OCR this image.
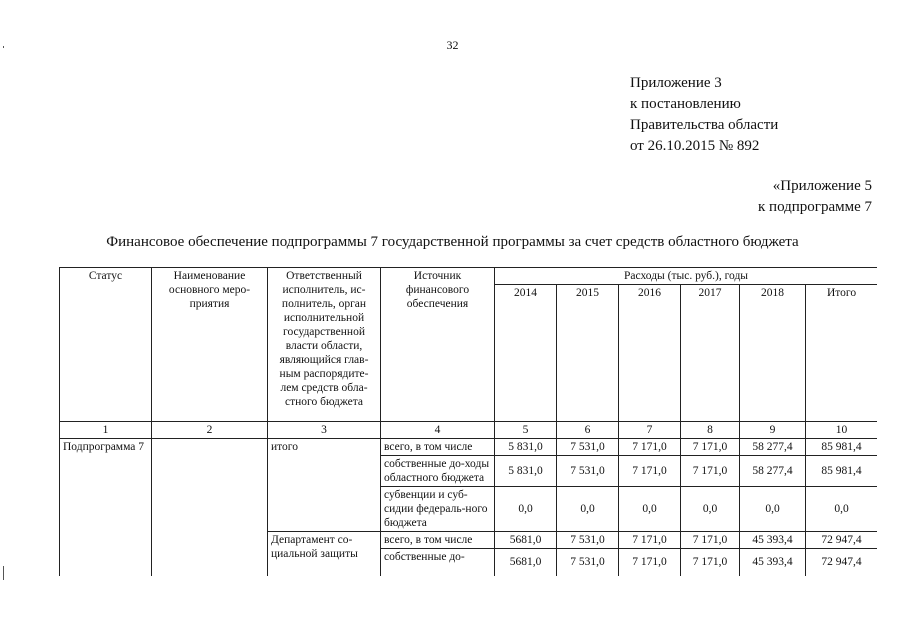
32
Приложение 3
к постановлению
Правительства области
от 26.10.2015 № 892
«Приложение 5
к подпрограмме 7
Финансовое обеспечение подпрограммы 7 государственной программы за счет средств областного бюджета
Статус	Наименование основного меро-приятия	Ответственный исполнитель, ис-полнитель, орган исполнительной государственной власти области, являющийся глав-ным распорядите-лем средств обла-стного бюджета	Источник финансового обеспечения	Расходы (тыс. руб.), годы					
				2014	2015	2016	2017	2018	Итого
1	2	3	4	5	6	7	8	9	10
Подпрограмма 7		итого	всего, в том числе	5 831,0	7 531,0	7 171,0	7 171,0	58 277,4	85 981,4
			собственные до-ходы областного бюджета	5 831,0	7 531,0	7 171,0	7 171,0	58 277,4	85 981,4
			субвенции и суб-сидии федераль-ного бюджета	0,0	0,0	0,0	0,0	0,0	0,0
		Департамент со-циальной защиты	всего, в том числе	5681,0	7 531,0	7 171,0	7 171,0	45 393,4	72 947,4
			собственные до-	5681,0	7 531,0	7 171,0	7 171,0	45 393,4	72 947,4
